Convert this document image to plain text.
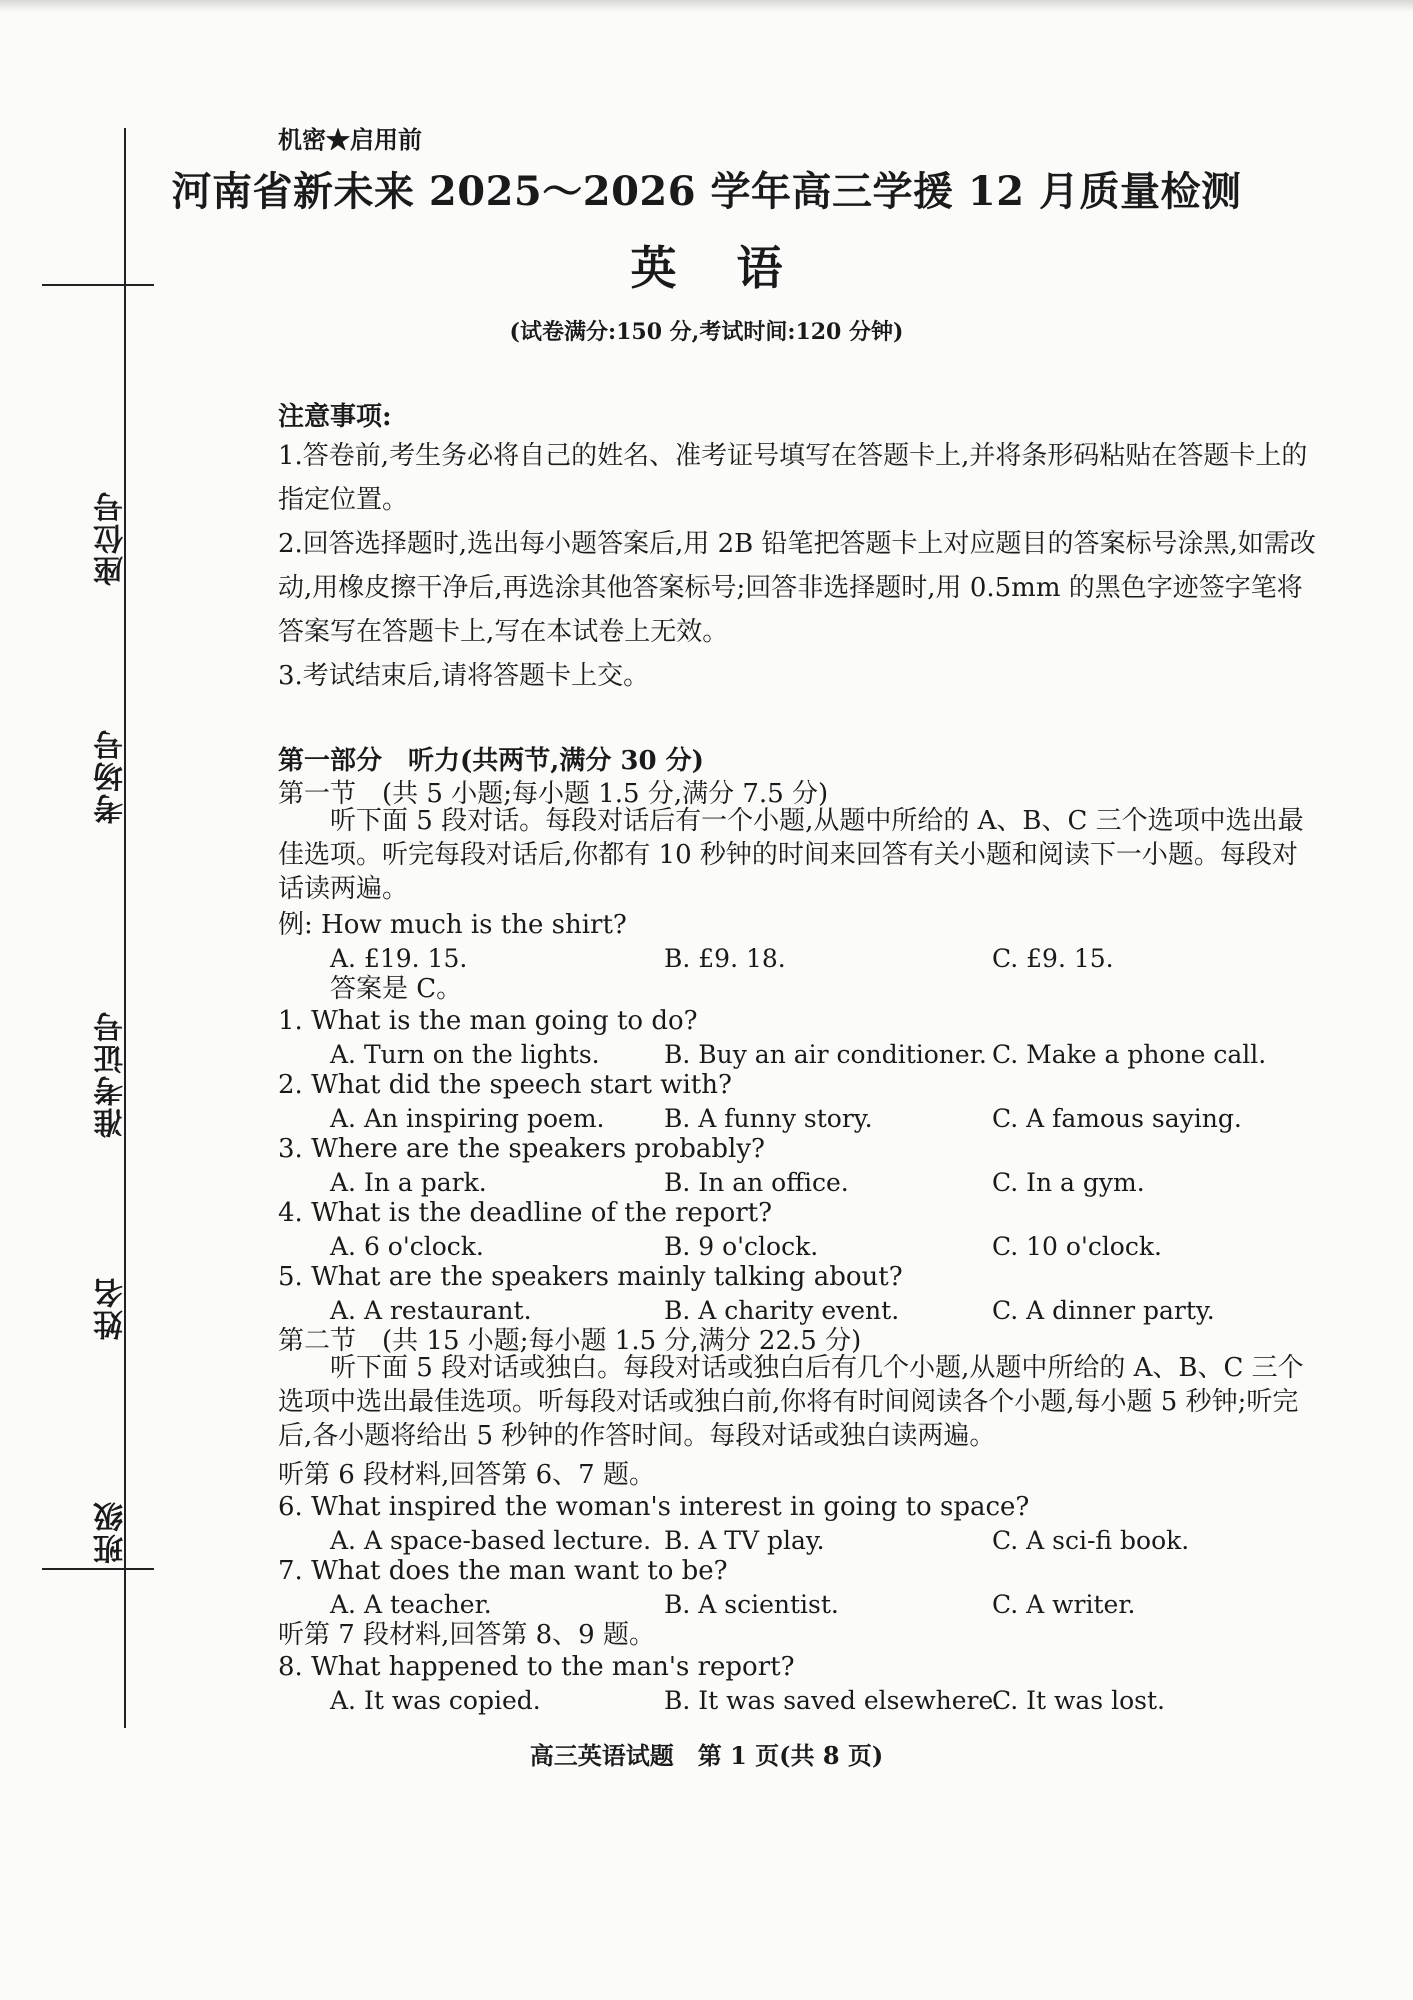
座位号
考场号
准考证号
姓名
班级
机密★启用前
河南省新未来 2025～2026 学年高三学援 12 月质量检测
英语
(试卷满分:150 分,考试时间:120 分钟)
注意事项:
1.答卷前,考生务必将自己的姓名、准考证号填写在答题卡上,并将条形码粘贴在答题卡上的指定位置。
2.回答选择题时,选出每小题答案后,用 2B 铅笔把答题卡上对应题目的答案标号涂黑,如需改动,用橡皮擦干净后,再选涂其他答案标号;回答非选择题时,用 0.5mm 的黑色字迹签字笔将答案写在答题卡上,写在本试卷上无效。
3.考试结束后,请将答题卡上交。
第一部分　听力(共两节,满分 30 分)
第一节　(共 5 小题;每小题 1.5 分,满分 7.5 分)
听下面 5 段对话。每段对话后有一个小题,从题中所给的 A、B、C 三个选项中选出最佳选项。听完每段对话后,你都有 10 秒钟的时间来回答有关小题和阅读下一小题。每段对话读两遍。
例: How much is the shirt?
A. £19. 15.	B. £9. 18.	C. £9. 15.
答案是 C。
1. What is the man going to do?
A. Turn on the lights.	B. Buy an air conditioner. C. Make a phone call.
2. What did the speech start with?
A. An inspiring poem. B. A funny story.	C. A famous saying.
3. Where are the speakers probably?
A. In a park.	B. In an office.	C. In a gym.
4. What is the deadline of the report?
A. 6 o'clock.	B. 9 o'clock.	C. 10 o'clock.
5. What are the speakers mainly talking about?
A. A restaurant.	B. A charity event.	C. A dinner party.
第二节　(共 15 小题;每小题 1.5 分,满分 22.5 分)
听下面 5 段对话或独白。每段对话或独白后有几个小题,从题中所给的 A、B、C 三个选项中选出最佳选项。听每段对话或独白前,你将有时间阅读各个小题,每小题 5 秒钟;听完后,各小题将给出 5 秒钟的作答时间。每段对话或独白读两遍。
听第 6 段材料,回答第 6、7 题。
6. What inspired the woman's interest in going to space?
A. A space-based lecture. B. A TV play.	C. A sci-fi book.
7. What does the man want to be?
A. A teacher.	B. A scientist.	C. A writer.
听第 7 段材料,回答第 8、9 题。
8. What happened to the man's report?
A. It was copied.	B. It was saved elsewhere.
C. It was lost.
高三英语试题　第 1 页(共 8 页)
